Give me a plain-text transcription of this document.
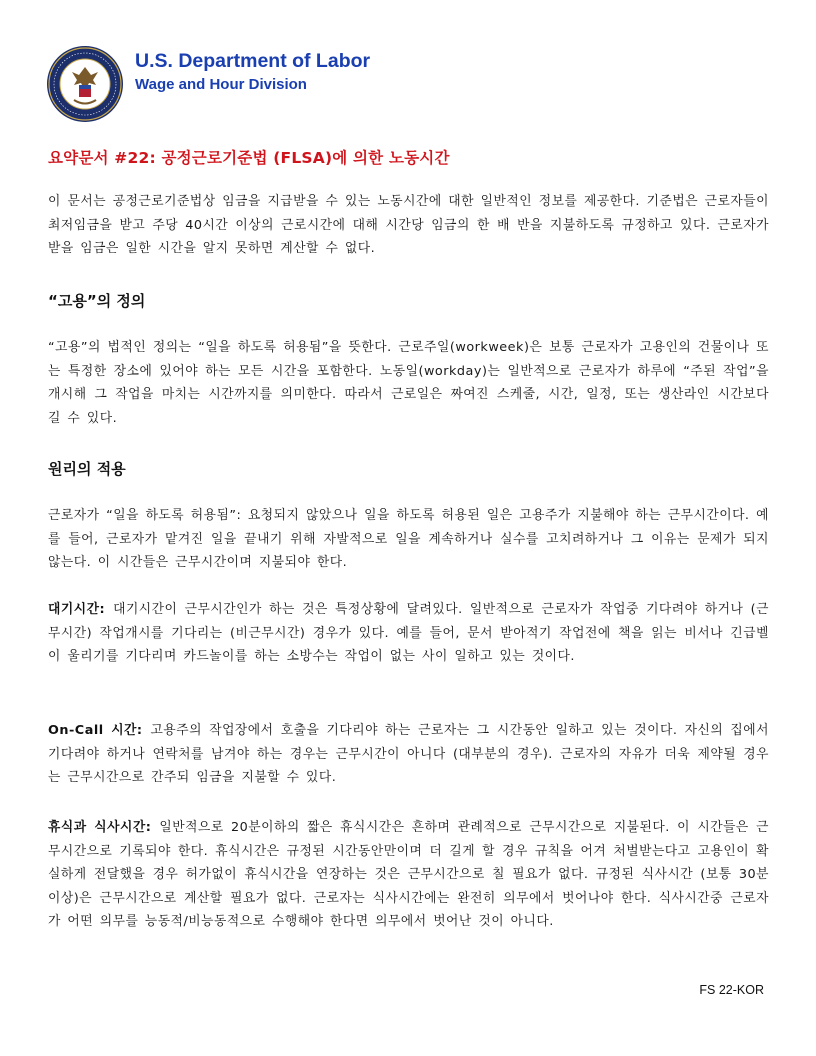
U.S. Department of Labor
Wage and Hour Division
요약문서 #22: 공정근로기준법 (FLSA)에 의한 노동시간
이 문서는 공정근로기준법상 임금을 지급받을 수 있는 노동시간에 대한 일반적인 정보를 제공한다. 기준법은 근로자들이 최저임금을 받고 주당 40시간 이상의 근로시간에 대해 시간당 임금의 한 배 반을 지불하도록 규정하고 있다. 근로자가 받을 임금은 일한 시간을 알지 못하면 계산할 수 없다.
“고용”의 정의
“고용”의 법적인 정의는 “일을 하도록 허용됨”을 뜻한다. 근로주일(workweek)은 보통 근로자가 고용인의 건물이나 또는 특정한 장소에 있어야 하는 모든 시간을 포함한다. 노동일(workday)는 일반적으로 근로자가 하루에 “주된 작업”을 개시해 그 작업을 마치는 시간까지를 의미한다. 따라서 근로일은 짜여진 스케줄, 시간, 일정, 또는 생산라인 시간보다 길 수 있다.
원리의 적용
근로자가 “일을 하도록 허용됨”: 요청되지 않았으나 일을 하도록 허용된 일은 고용주가 지불해야 하는 근무시간이다. 예를 들어, 근로자가 맡겨진 일을 끝내기 위해 자발적으로 일을 계속하거나 실수를 고치려하거나 그 이유는 문제가 되지 않는다. 이 시간들은 근무시간이며 지불되야 한다.
대기시간: 대기시간이 근무시간인가 하는 것은 특정상황에 달려있다. 일반적으로 근로자가 작업중 기다려야 하거나 (근무시간) 작업개시를 기다리는 (비근무시간) 경우가 있다. 예를 들어, 문서 받아적기 작업전에 책을 읽는 비서나 긴급벨이 울리기를 기다리며 카드놀이를 하는 소방수는 작업이 없는 사이 일하고 있는 것이다.
On-Call 시간: 고용주의 작업장에서 호출을 기다리야 하는 근로자는 그 시간동안 일하고 있는 것이다. 자신의 집에서 기다려야 하거나 연락처를 남겨야 하는 경우는 근무시간이 아니다 (대부분의 경우). 근로자의 자유가 더욱 제약될 경우는 근무시간으로 간주되 임금을 지불할 수 있다.
휴식과 식사시간: 일반적으로 20분이하의 짧은 휴식시간은 흔하며 관례적으로 근무시간으로 지불된다. 이 시간들은 근무시간으로 기록되야 한다. 휴식시간은 규정된 시간동안만이며 더 길게 할 경우 규칙을 어겨 처벌받는다고 고용인이 확실하게 전달했을 경우 허가없이 휴식시간을 연장하는 것은 근무시간으로 칠 필요가 없다. 규정된 식사시간 (보통 30분 이상)은 근무시간으로 계산할 필요가 없다. 근로자는 식사시간에는 완전히 의무에서 벗어나야 한다. 식사시간중 근로자가 어떤 의무를 능동적/비능동적으로 수행해야 한다면 의무에서 벗어난 것이 아니다.
FS 22-KOR
